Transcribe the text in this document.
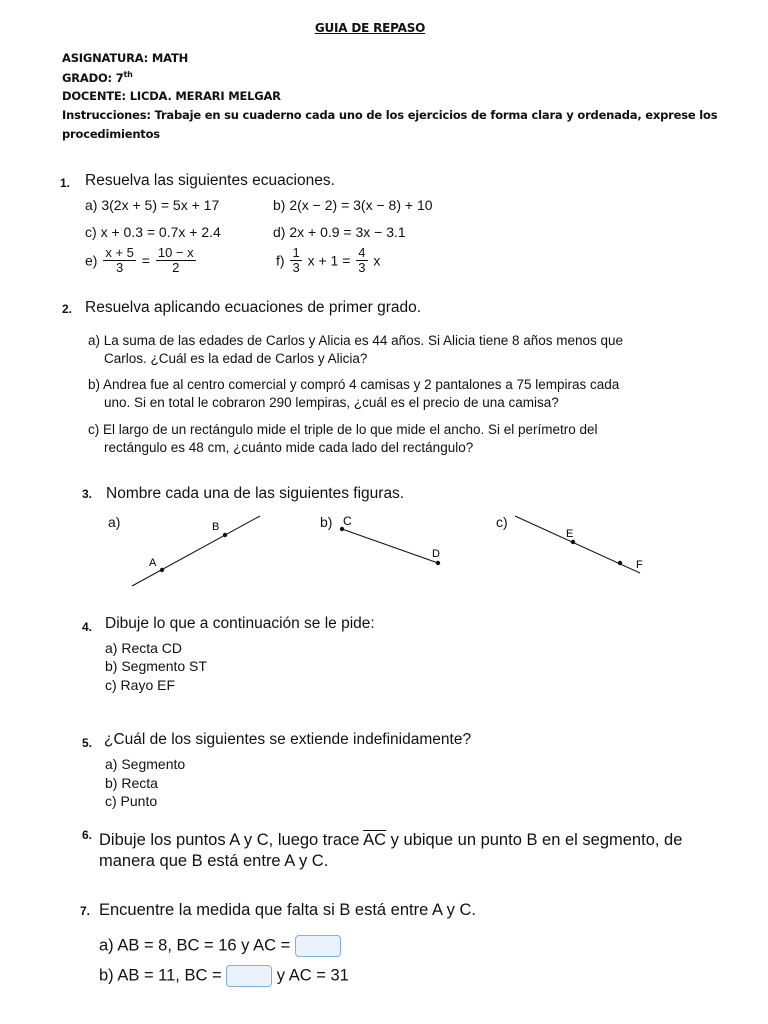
GUIA DE REPASO
ASIGNATURA: MATH
GRADO: 7th
DOCENTE: LICDA. MERARI MELGAR
Instrucciones: Trabaje en su cuaderno cada uno de los ejercicios de forma clara y ordenada, exprese los
procedimientos
1. Resuelva las siguientes ecuaciones.
a) 3(2x + 5) = 5x + 17	b) 2(x − 2) = 3(x − 8) + 10
c) x + 0.3 = 0.7x + 2.4	d) 2x + 0.9 = 3x − 3.1
$e) \frac{x + 5}{3} = \frac{10 - x}{2}$	$f) \frac{1}{3}$ $x + 1 = \frac{4}{3}$ x
2. Resuelva aplicando ecuaciones de primer grado.
a) La suma de las edades de Carlos y Alicia es 44 años. Si Alicia tiene 8 años menos que
Carlos. ¿Cuál es la edad de Carlos y Alicia?
b) Andrea fue al centro comercial y compró 4 camisas y 2 pantalones a 75 lempiras cada
uno. Si en total le cobraron 290 lempiras, ¿cuál es el precio de una camisa?
c) El largo de un rectángulo mide el triple de lo que mide el ancho. Si el perímetro del
rectángulo es 48 cm, ¿cuánto mide cada lado del rectángulo?
3. Nombre cada una de las siguientes figuras.
a)	b)	c)
A
B	C
D
E
F
4. Dibuje lo que a continuación se le pide:
a) Recta CD
b) Segmento ST
c) Rayo EF
5. ¿Cuál de los siguientes se extiende indefinidamente?
a) Segmento
b) Recta
c) Punto
6. Dibuje los puntos A y C, luego trace $\overline{AC}$ y ubique un punto B en el segmento, de
manera que B está entre A y C.
7. Encuentre la medida que falta si B está entre A y C.
a) AB = 8, BC = 16 y AC =
b) AB = 11, BC =	y AC = 31
